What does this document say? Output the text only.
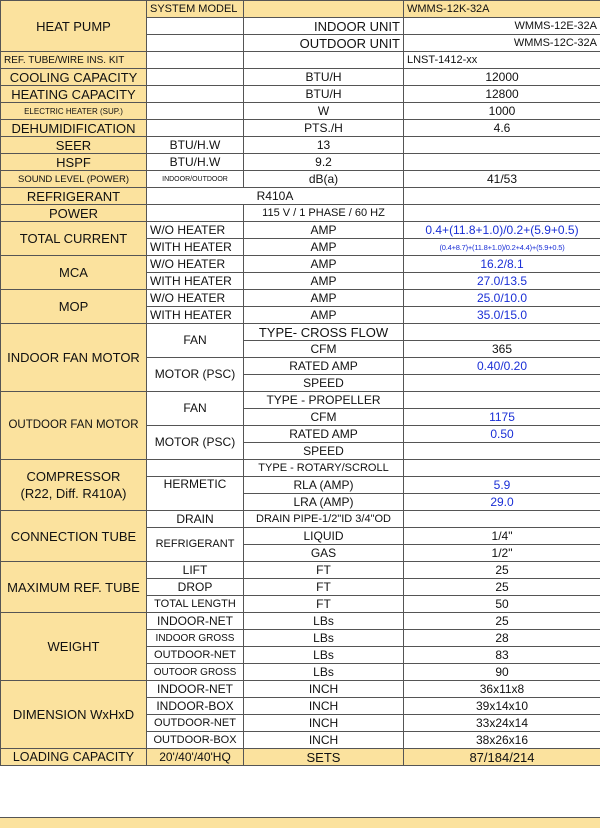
HEAT PUMP	SYSTEM MODEL		WMMS-12K-32A
		INDOOR UNIT	WMMS-12E-32A
		OUTDOOR UNIT	WMMS-12C-32A
REF. TUBE/WIRE INS. KIT			LNST-1412-xx
COOLING CAPACITY		BTU/H	12000
HEATING CAPACITY		BTU/H	12800
ELECTRIC HEATER (SUP.)		W	1000
DEHUMIDIFICATION		PTS./H	4.6
SEER	BTU/H.W	13	
HSPF	BTU/H.W	9.2	
SOUND LEVEL (POWER)	INDOOR/OUTDOOR	dB(a)	41/53
REFRIGERANT	R410A		
POWER		115 V / 1 PHASE / 60 HZ	
TOTAL CURRENT	W/O HEATER	AMP	0.4+(11.8+1.0)/0.2+(5.9+0.5)
	WITH HEATER	AMP	(0.4+8.7)+(11.8+1.0)/0.2+4.4)+(5.9+0.5)
MCA	W/O HEATER	AMP	16.2/8.1
	WITH HEATER	AMP	27.0/13.5
MOP	W/O HEATER	AMP	25.0/10.0
	WITH HEATER	AMP	35.0/15.0
INDOOR FAN MOTOR	FAN	TYPE- CROSS FLOW	
		CFM	365
	MOTOR (PSC)	RATED AMP	0.40/0.20
		SPEED	
OUTDOOR FAN MOTOR	FAN	TYPE - PROPELLER	
		CFM	1175
	MOTOR (PSC)	RATED AMP	0.50
		SPEED	

COMPRESSOR
(R22, Diff. R410A)		TYPE - ROTARY/SCROLL	
	HERMETIC	RLA (AMP)	5.9
		LRA (AMP)	29.0
CONNECTION TUBE	DRAIN	DRAIN PIPE-1/2"ID 3/4"OD	
	REFRIGERANT	LIQUID	1/4"
		GAS	1/2"
MAXIMUM REF. TUBE	LIFT	FT	25
	DROP	FT	25
	TOTAL LENGTH	FT	50
WEIGHT	INDOOR-NET	LBs	25
	INDOOR GROSS	LBs	28
	OUTDOOR-NET	LBs	83
	OUTOOR GROSS	LBs	90
DIMENSION WxHxD	INDOOR-NET	INCH	36x11x8
	INDOOR-BOX	INCH	39x14x10
	OUTDOOR-NET	INCH	33x24x14
	OUTDOOR-BOX	INCH	38x26x16
LOADING CAPACITY	20'/40'/40'HQ	SETS	87/184/214
